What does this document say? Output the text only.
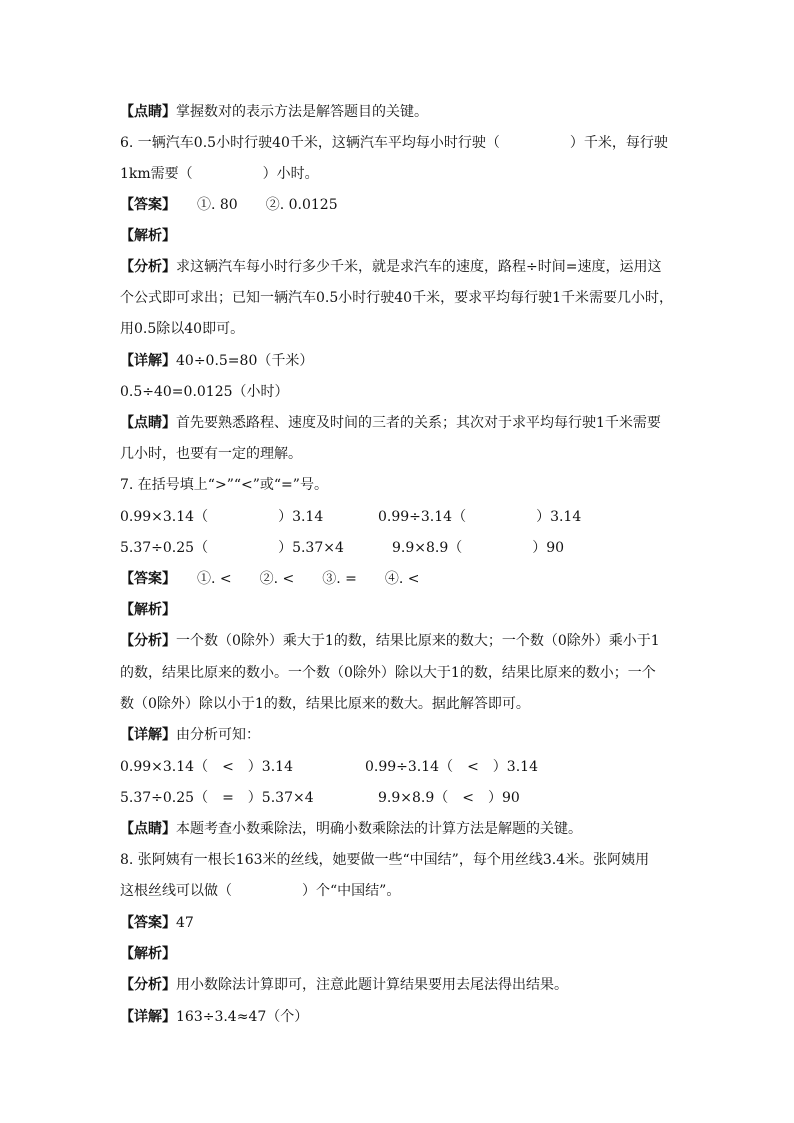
【点睛】掌握数对的表示方法是解答题目的关键。
6. 一辆汽车0.5小时行驶40千米，这辆汽车平均每小时行驶（　　　　　）千米，每行驶
1km需要（　　　　　）小时。
【答案】　　①. 80　　②. 0.0125
【解析】
【分析】求这辆汽车每小时行多少千米，就是求汽车的速度，路程÷时间=速度，运用这
个公式即可求出；已知一辆汽车0.5小时行驶40千米，要求平均每行驶1千米需要几小时，
用0.5除以40即可。
【详解】40÷0.5=80（千米）
0.5÷40=0.0125（小时）
【点睛】首先要熟悉路程、速度及时间的三者的关系；其次对于求平均每行驶1千米需要
几小时，也要有一定的理解。
7. 在括号填上“>”“<”或“=”号。
0.99×3.14（　　　　　）3.14	0.99÷3.14（　　　　　）3.14
5.37÷0.25（　　　　　）5.37×4	9.9×8.9（　　　　　）90
【答案】　　①. <　　②. <　　③. =　　④. <
【解析】
【分析】一个数（0除外）乘大于1的数，结果比原来的数大；一个数（0除外）乘小于1
的数，结果比原来的数小。一个数（0除外）除以大于1的数，结果比原来的数小；一个
数（0除外）除以小于1的数，结果比原来的数大。据此解答即可。
【详解】由分析可知：
0.99×3.14（　<　）3.14	0.99÷3.14（　<　）3.14
5.37÷0.25（　=　）5.37×4	9.9×8.9（　<　）90
【点睛】本题考查小数乘除法，明确小数乘除法的计算方法是解题的关键。
8. 张阿姨有一根长163米的丝线，她要做一些“中国结”，每个用丝线3.4米。张阿姨用
这根丝线可以做（　　　　　）个“中国结”。
【答案】47
【解析】
【分析】用小数除法计算即可，注意此题计算结果要用去尾法得出结果。
【详解】163÷3.4≈47（个）
